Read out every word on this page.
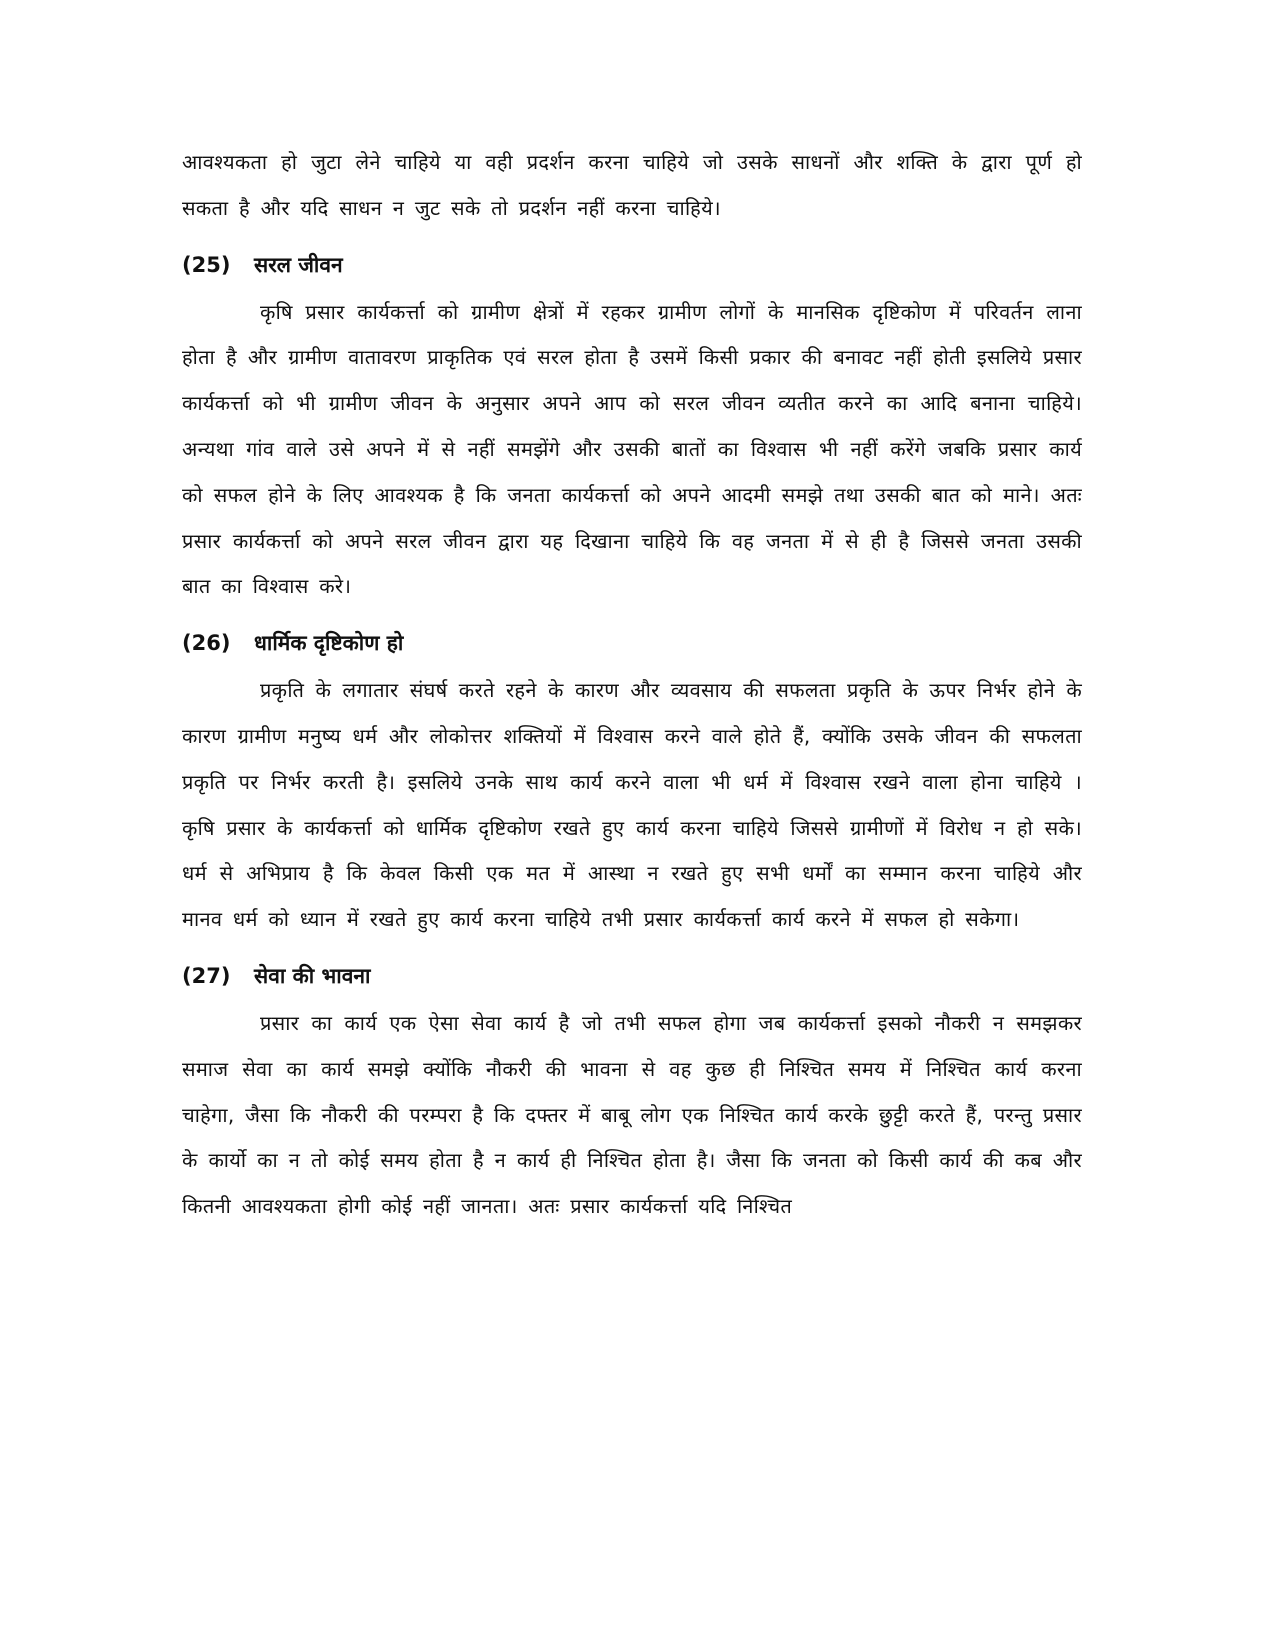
आवश्यकता हो जुटा लेने चाहिये या वही प्रदर्शन करना चाहिये जो उसके साधनों और शक्ति के द्वारा पूर्ण हो सकता है और यदि साधन न जुट सके तो प्रदर्शन नहीं करना चाहिये।

(25) सरल जीवन

कृषि प्रसार कार्यकर्त्ता को ग्रामीण क्षेत्रों में रहकर ग्रामीण लोगों के मानसिक दृष्टिकोण में परिवर्तन लाना होता है और ग्रामीण वातावरण प्राकृतिक एवं सरल होता है उसमें किसी प्रकार की बनावट नहीं होती इसलिये प्रसार कार्यकर्त्ता को भी ग्रामीण जीवन के अनुसार अपने आप को सरल जीवन व्यतीत करने का आदि बनाना चाहिये। अन्यथा गांव वाले उसे अपने में से नहीं समझेंगे और उसकी बातों का विश्वास भी नहीं करेंगे जबकि प्रसार कार्य को सफल होने के लिए आवश्यक है कि जनता कार्यकर्त्ता को अपने आदमी समझे तथा उसकी बात को माने। अतः प्रसार कार्यकर्त्ता को अपने सरल जीवन द्वारा यह दिखाना चाहिये कि वह जनता में से ही है जिससे जनता उसकी बात का विश्वास करे।

(26) धार्मिक दृष्टिकोण हो

प्रकृति के लगातार संघर्ष करते रहने के कारण और व्यवसाय की सफलता प्रकृति के ऊपर निर्भर होने के कारण ग्रामीण मनुष्य धर्म और लोकोत्तर शक्तियों में विश्वास करने वाले होते हैं, क्योंकि उसके जीवन की सफलता प्रकृति पर निर्भर करती है। इसलिये उनके साथ कार्य करने वाला भी धर्म में विश्वास रखने वाला होना चाहिये । कृषि प्रसार के कार्यकर्त्ता को धार्मिक दृष्टिकोण रखते हुए कार्य करना चाहिये जिससे ग्रामीणों में विरोध न हो सके। धर्म से अभिप्राय है कि केवल किसी एक मत में आस्था न रखते हुए सभी धर्मों का सम्मान करना चाहिये और मानव धर्म को ध्यान में रखते हुए कार्य करना चाहिये तभी प्रसार कार्यकर्त्ता कार्य करने में सफल हो सकेगा।

(27) सेवा की भावना

प्रसार का कार्य एक ऐसा सेवा कार्य है जो तभी सफल होगा जब कार्यकर्त्ता इसको नौकरी न समझकर समाज सेवा का कार्य समझे क्योंकि नौकरी की भावना से वह कुछ ही निश्चित समय में निश्चित कार्य करना चाहेगा, जैसा कि नौकरी की परम्परा है कि दफ्तर में बाबू लोग एक निश्चित कार्य करके छुट्टी करते हैं, परन्तु प्रसार के कार्यो का न तो कोई समय होता है न कार्य ही निश्चित होता है। जैसा कि जनता को किसी कार्य की कब और कितनी आवश्यकता होगी कोई नहीं जानता। अतः प्रसार कार्यकर्त्ता यदि निश्चित
